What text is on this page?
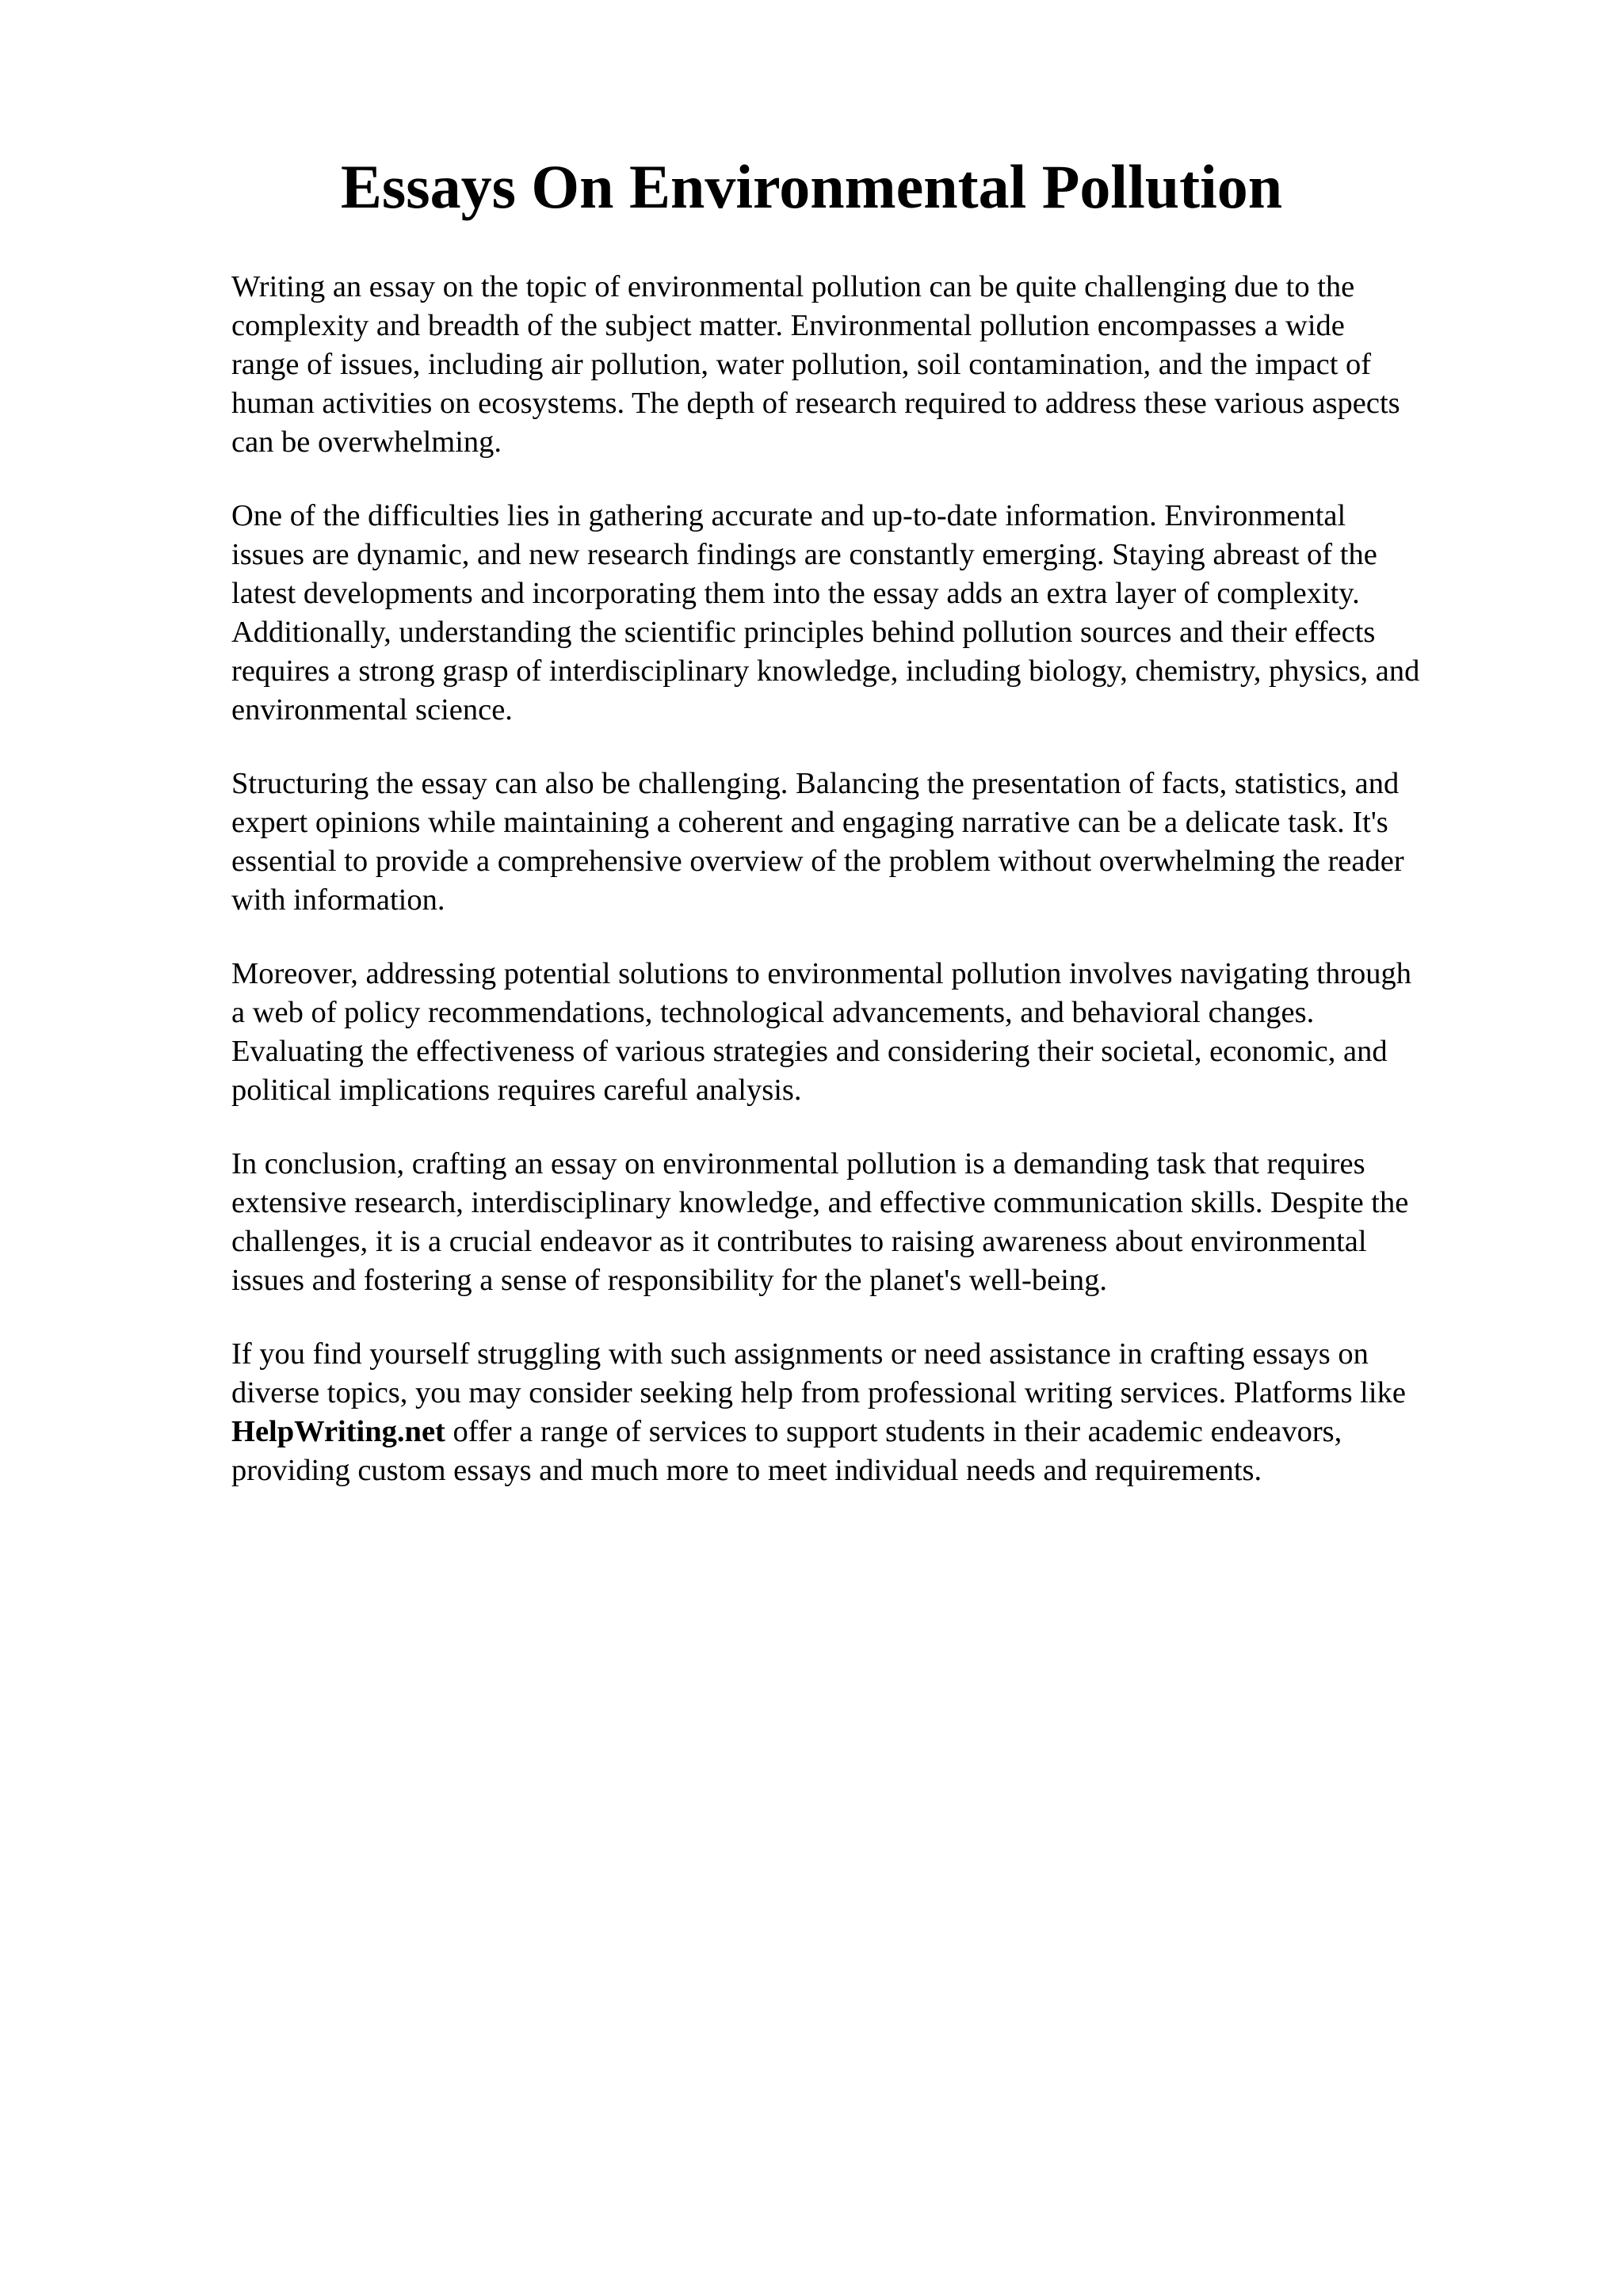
Essays On Environmental Pollution

Writing an essay on the topic of environmental pollution can be quite challenging due to the
complexity and breadth of the subject matter. Environmental pollution encompasses a wide
range of issues, including air pollution, water pollution, soil contamination, and the impact of
human activities on ecosystems. The depth of research required to address these various aspects
can be overwhelming.

One of the difficulties lies in gathering accurate and up-to-date information. Environmental
issues are dynamic, and new research findings are constantly emerging. Staying abreast of the
latest developments and incorporating them into the essay adds an extra layer of complexity.
Additionally, understanding the scientific principles behind pollution sources and their effects
requires a strong grasp of interdisciplinary knowledge, including biology, chemistry, physics, and
environmental science.

Structuring the essay can also be challenging. Balancing the presentation of facts, statistics, and
expert opinions while maintaining a coherent and engaging narrative can be a delicate task. It's
essential to provide a comprehensive overview of the problem without overwhelming the reader
with information.

Moreover, addressing potential solutions to environmental pollution involves navigating through
a web of policy recommendations, technological advancements, and behavioral changes.
Evaluating the effectiveness of various strategies and considering their societal, economic, and
political implications requires careful analysis.

In conclusion, crafting an essay on environmental pollution is a demanding task that requires
extensive research, interdisciplinary knowledge, and effective communication skills. Despite the
challenges, it is a crucial endeavor as it contributes to raising awareness about environmental
issues and fostering a sense of responsibility for the planet's well-being.

If you find yourself struggling with such assignments or need assistance in crafting essays on
diverse topics, you may consider seeking help from professional writing services. Platforms like
HelpWriting.net offer a range of services to support students in their academic endeavors,
providing custom essays and much more to meet individual needs and requirements.
